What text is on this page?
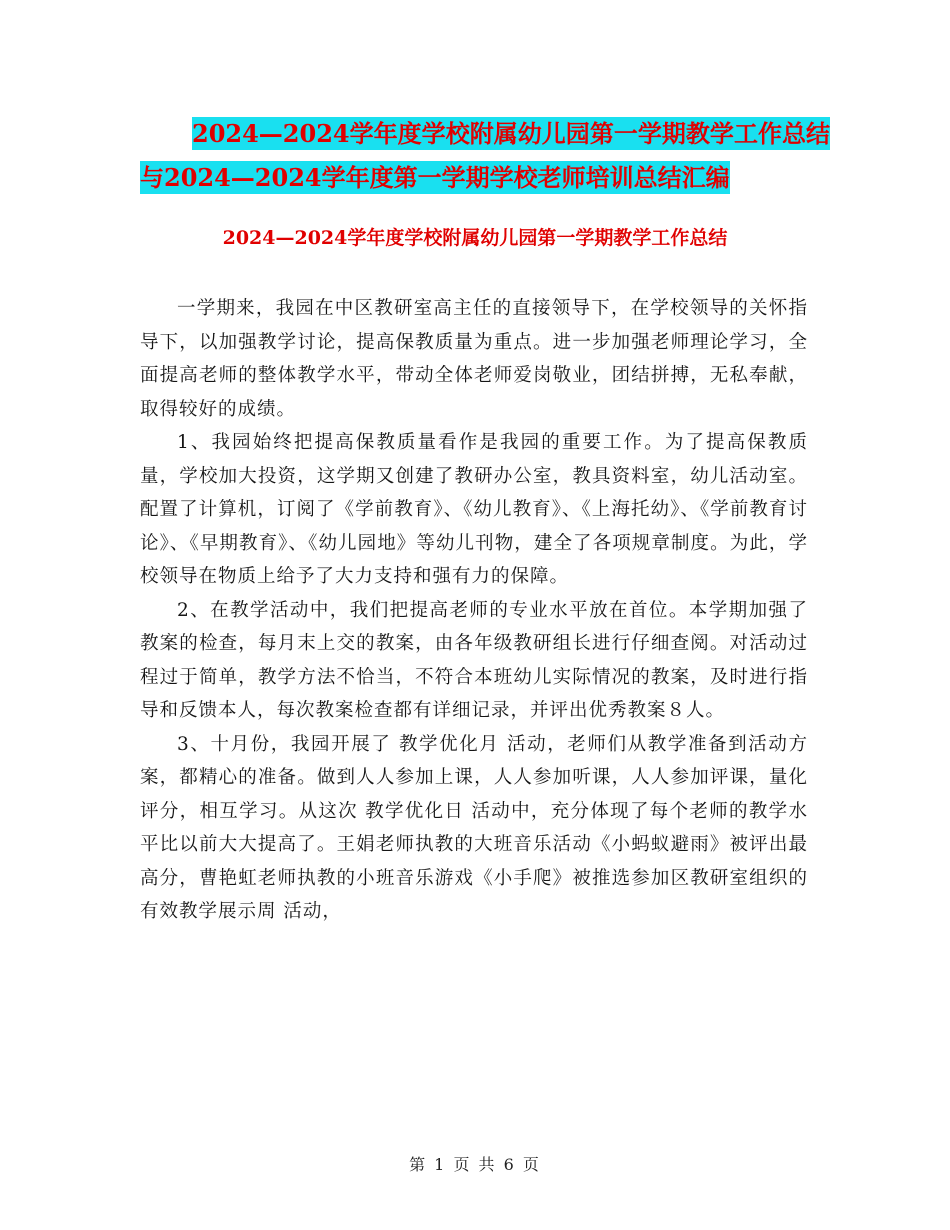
2024—2024学年度学校附属幼儿园第一学期教学工作总结与2024—2024学年度第一学期学校老师培训总结汇编
2024—2024学年度学校附属幼儿园第一学期教学工作总结

一学期来，我园在中区教研室高主任的直接领导下，在学校领导的关怀指导下，以加强教学讨论，提高保教质量为重点。进一步加强老师理论学习，全面提高老师的整体教学水平，带动全体老师爱岗敬业，团结拼搏，无私奉献，取得较好的成绩。

1、我园始终把提高保教质量看作是我园的重要工作。为了提高保教质量，学校加大投资，这学期又创建了教研办公室，教具资料室，幼儿活动室。配置了计算机，订阅了《学前教育》、《幼儿教育》、《上海托幼》、《学前教育讨论》、《早期教育》、《幼儿园地》等幼儿刊物，建全了各项规章制度。为此，学校领导在物质上给予了大力支持和强有力的保障。

2、在教学活动中，我们把提高老师的专业水平放在首位。本学期加强了教案的检查，每月末上交的教案，由各年级教研组长进行仔细查阅。对活动过程过于简单，教学方法不恰当，不符合本班幼儿实际情况的教案，及时进行指导和反馈本人，每次教案检查都有详细记录，并评出优秀教案８人。

3、十月份，我园开展了 教学优化月 活动，老师们从教学准备到活动方案，都精心的准备。做到人人参加上课，人人参加听课，人人参加评课，量化评分，相互学习。从这次 教学优化日 活动中，充分体现了每个老师的教学水平比以前大大提高了。王娟老师执教的大班音乐活动《小蚂蚁避雨》被评出最高分，曹艳虹老师执教的小班音乐游戏《小手爬》被推选参加区教研室组织的 有效教学展示周 活动，

第 1 页 共 6 页
